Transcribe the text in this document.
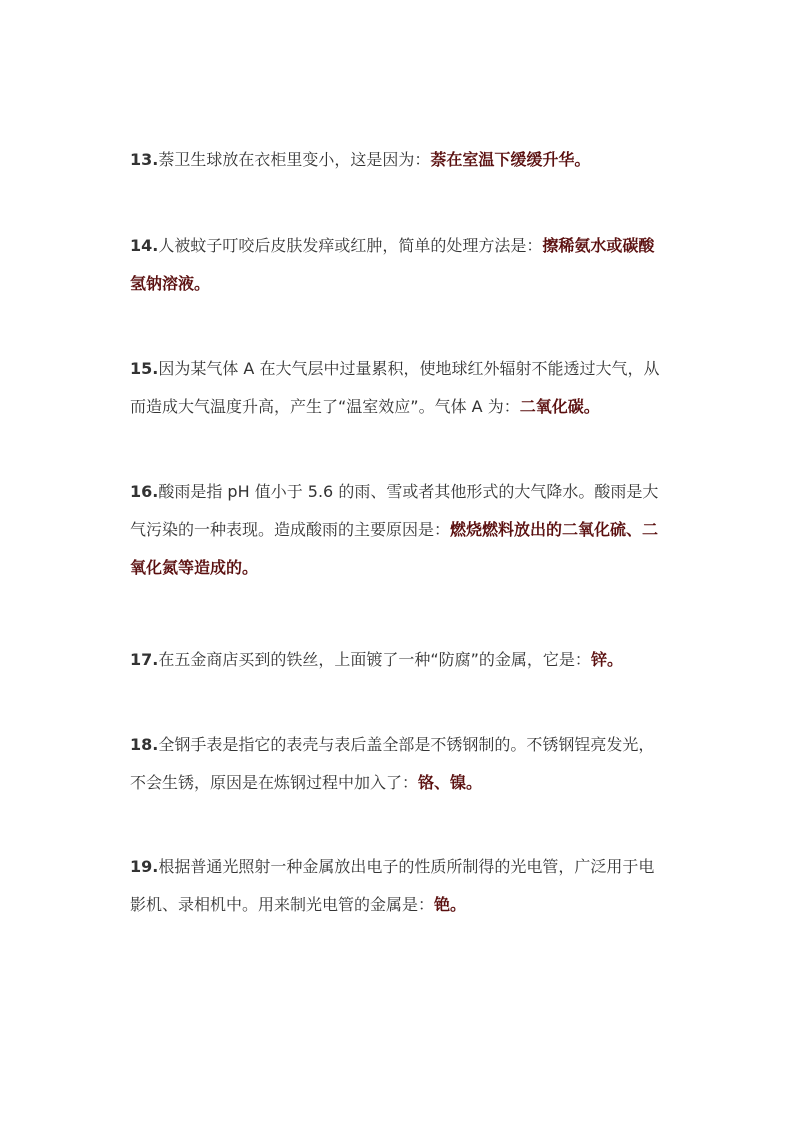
13.萘卫生球放在衣柜里变小，这是因为：萘在室温下缓缓升华。

14.人被蚊子叮咬后皮肤发痒或红肿，简单的处理方法是：擦稀氨水或碳酸氢钠溶液。

15.因为某气体 A 在大气层中过量累积，使地球红外辐射不能透过大气，从而造成大气温度升高，产生了“温室效应”。气体 A 为：二氧化碳。

16.酸雨是指 pH 值小于 5.6 的雨、雪或者其他形式的大气降水。酸雨是大气污染的一种表现。造成酸雨的主要原因是：燃烧燃料放出的二氧化硫、二氧化氮等造成的。

17.在五金商店买到的铁丝，上面镀了一种“防腐”的金属，它是：锌。

18.全钢手表是指它的表壳与表后盖全部是不锈钢制的。不锈钢锃亮发光，不会生锈，原因是在炼钢过程中加入了：铬、镍。

19.根据普通光照射一种金属放出电子的性质所制得的光电管，广泛用于电影机、录相机中。用来制光电管的金属是：铯。
